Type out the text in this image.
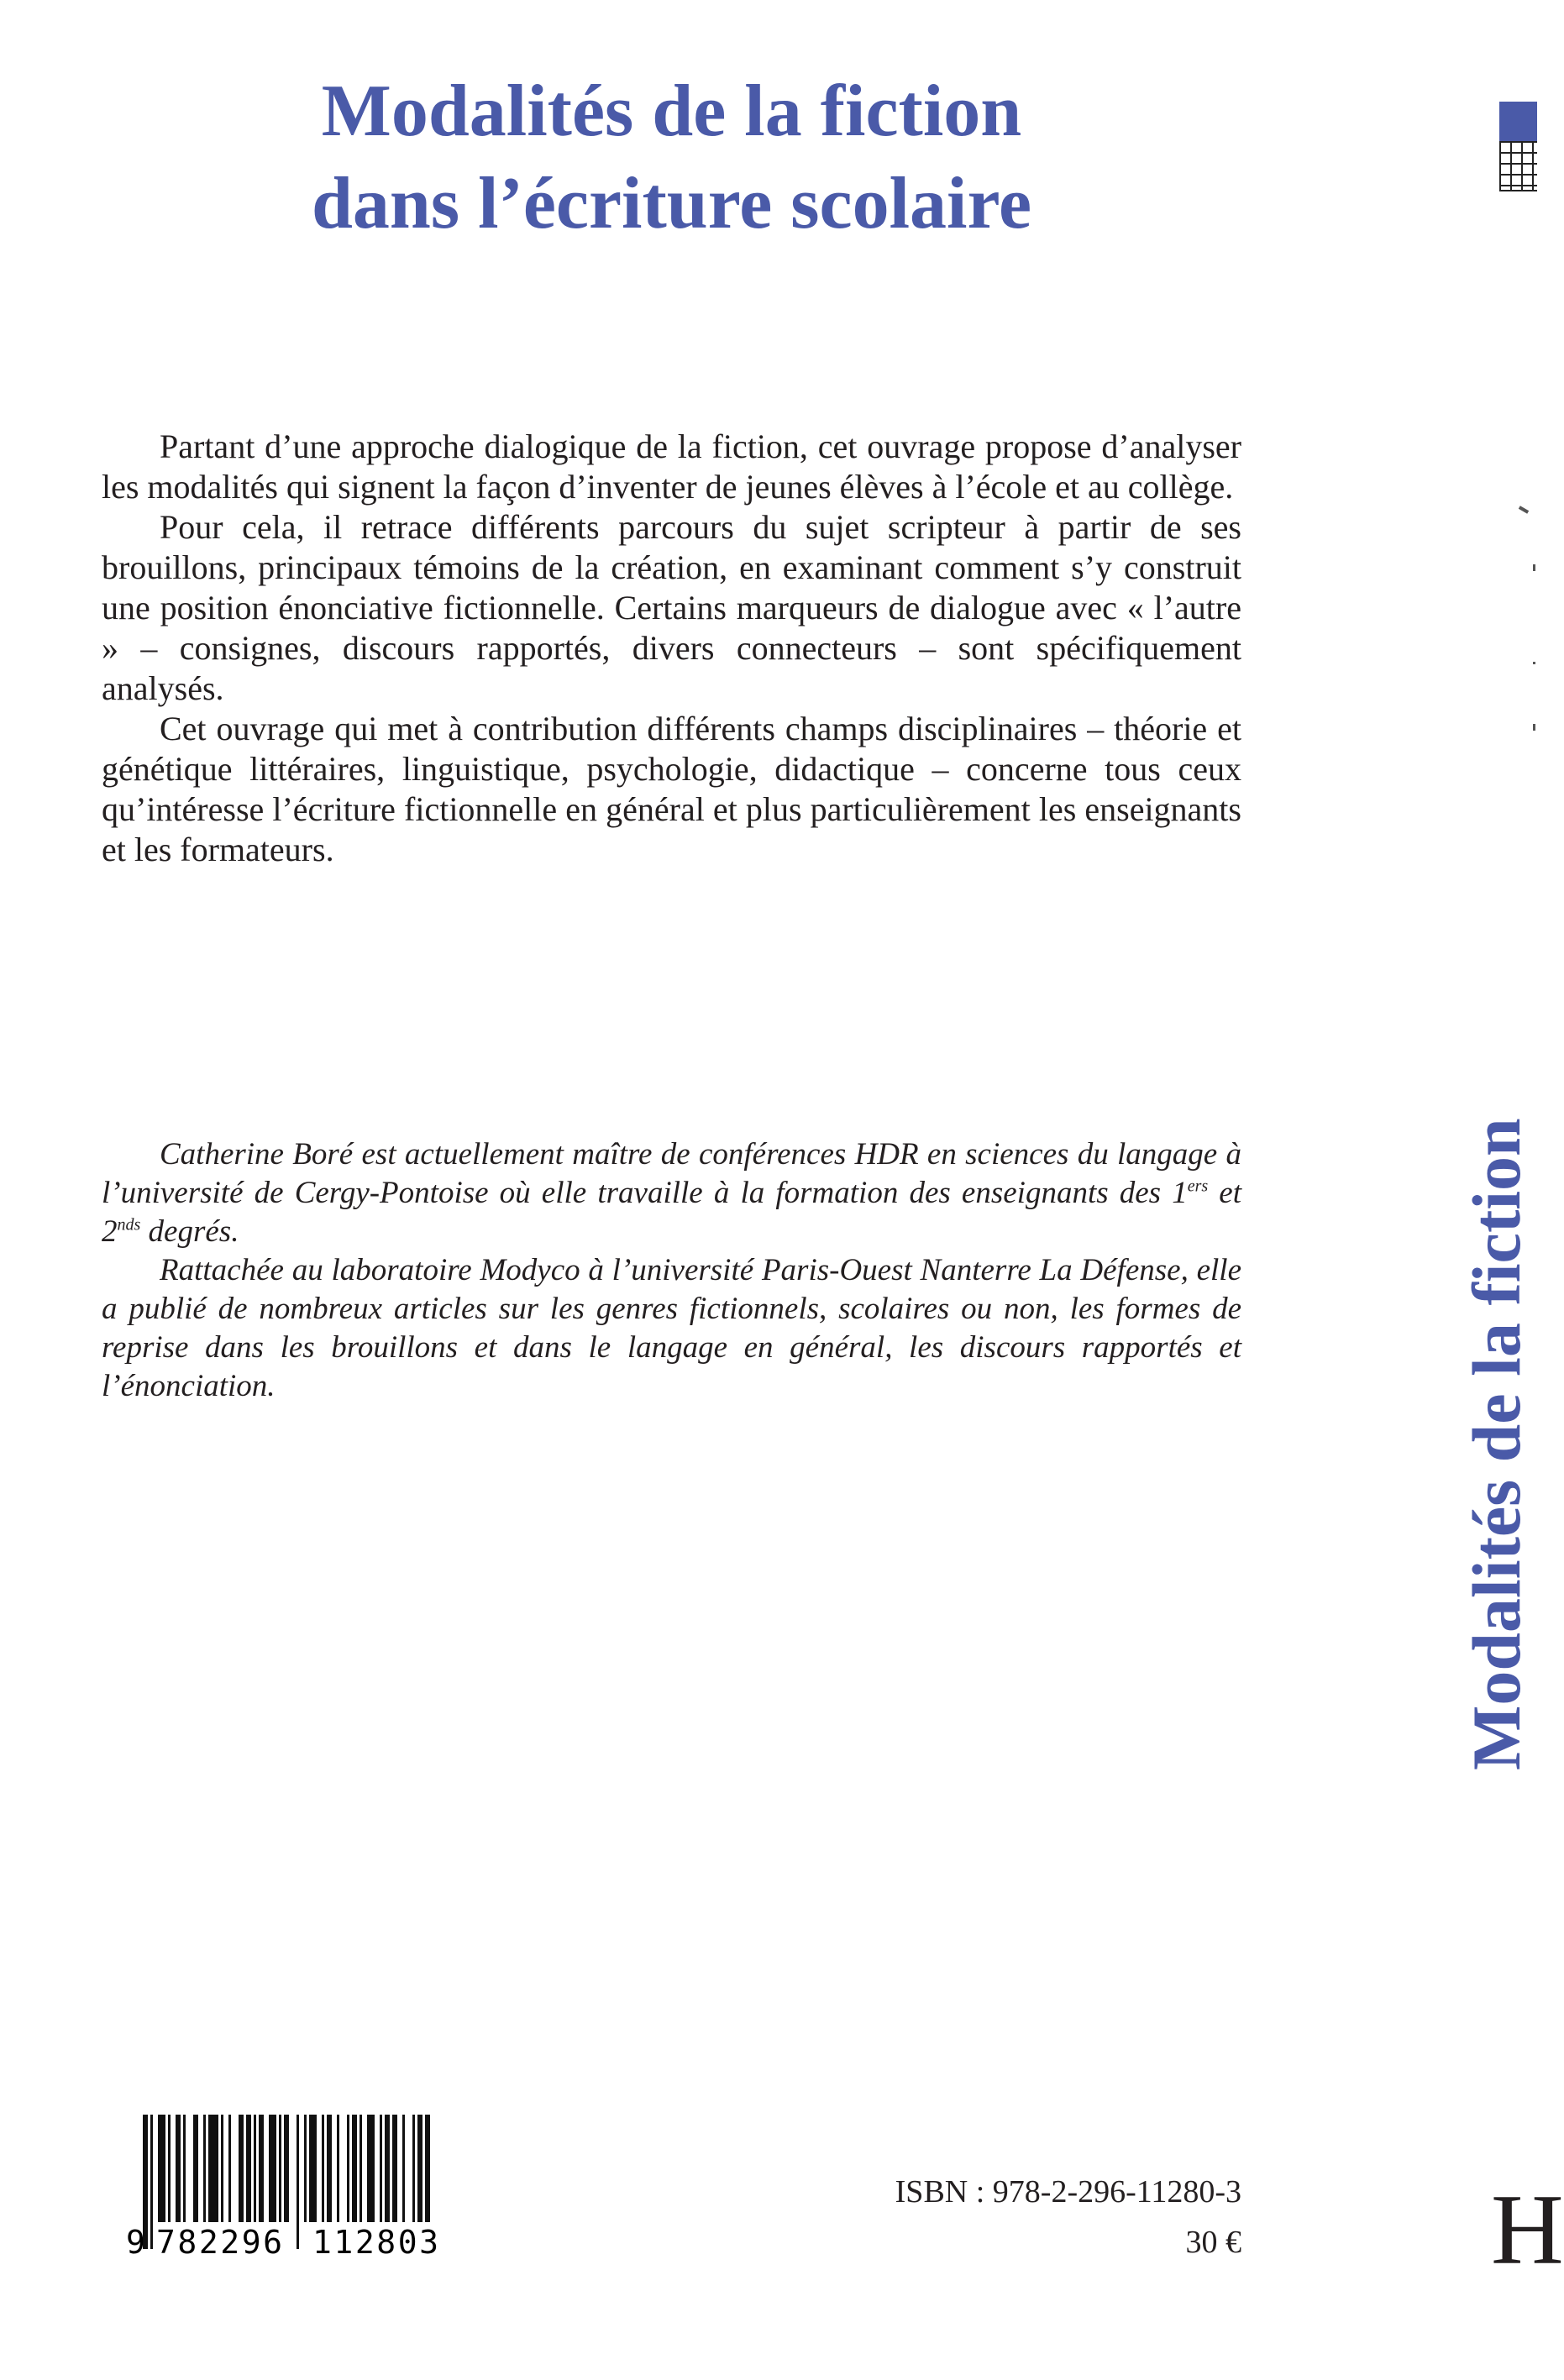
Modalités de la fiction
dans l’écriture scolaire

Partant d’une approche dialogique de la fiction, cet ouvrage propose d’analyser les modalités qui signent la façon d’inventer de jeunes élèves à l’école et au collège.

Pour cela, il retrace différents parcours du sujet scripteur à partir de ses brouillons, principaux témoins de la création, en examinant comment s’y construit une position énonciative fictionnelle. Certains marqueurs de dialogue avec « l’autre » – consignes, discours rapportés, divers connecteurs – sont spécifiquement analysés.

Cet ouvrage qui met à contribution différents champs disciplinaires – théorie et génétique littéraires, linguistique, psychologie, didactique – concerne tous ceux qu’intéresse l’écriture fictionnelle en général et plus particulièrement les enseignants et les formateurs.

Catherine Boré est actuellement maître de conférences HDR en sciences du langage à l’université de Cergy-Pontoise où elle travaille à la formation des enseignants des 1ers et $2^{nds}$ degrés.

Rattachée au laboratoire Modyco à l’université Paris-Ouest Nanterre La Défense, elle a publié de nombreux articles sur les genres fictionnels, scolaires ou non, les formes de reprise dans les brouillons et dans le langage en général, les discours rapportés et l’énonciation.	Modalités de la fiction
9 782296 112803
ISBN : 978-2-296-11280-3
30 € H
